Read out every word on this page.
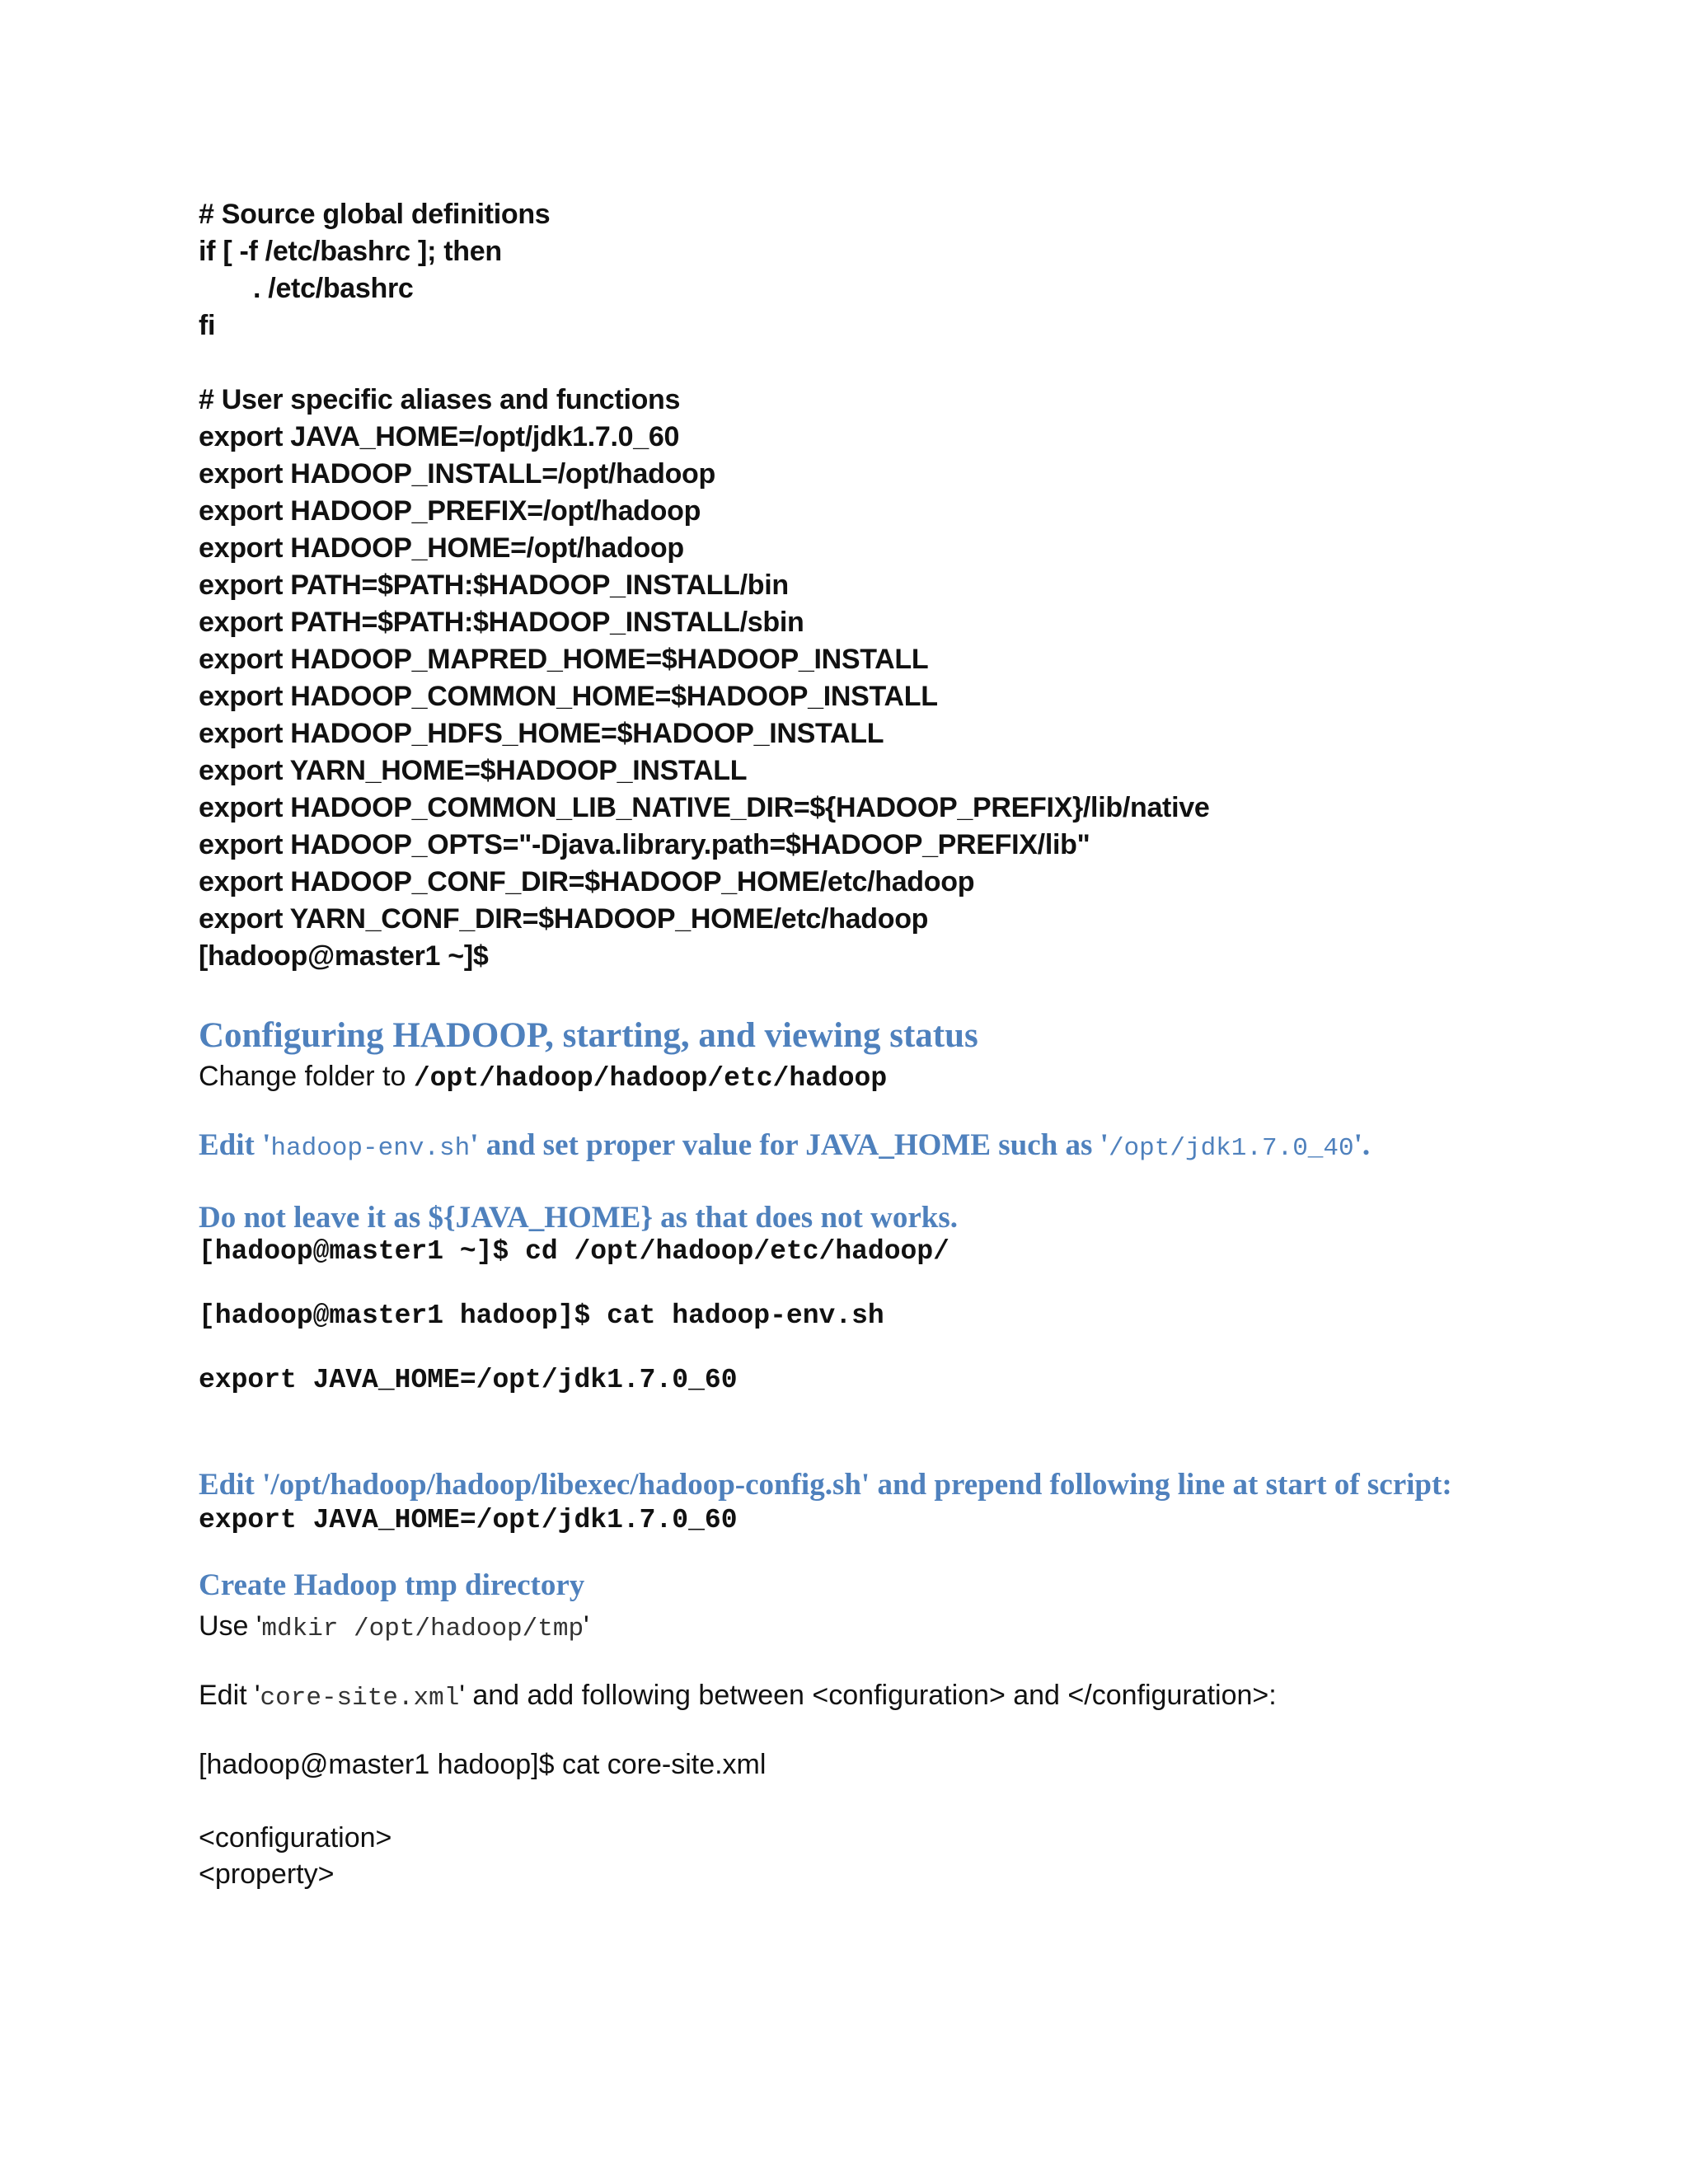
# Source global definitions
if [ -f /etc/bashrc ]; then
. /etc/bashrc
fi
# User specific aliases and functions
export JAVA_HOME=/opt/jdk1.7.0_60
export HADOOP_INSTALL=/opt/hadoop
export HADOOP_PREFIX=/opt/hadoop
export HADOOP_HOME=/opt/hadoop
export PATH=$PATH:$HADOOP_INSTALL/bin
export PATH=$PATH:$HADOOP_INSTALL/sbin
export HADOOP_MAPRED_HOME=$HADOOP_INSTALL
export HADOOP_COMMON_HOME=$HADOOP_INSTALL
export HADOOP_HDFS_HOME=$HADOOP_INSTALL
export YARN_HOME=$HADOOP_INSTALL
export HADOOP_COMMON_LIB_NATIVE_DIR=${HADOOP_PREFIX}/lib/native
export HADOOP_OPTS="-Djava.library.path=$HADOOP_PREFIX/lib"
export HADOOP_CONF_DIR=$HADOOP_HOME/etc/hadoop
export YARN_CONF_DIR=$HADOOP_HOME/etc/hadoop
[hadoop@master1 ~]$
Configuring HADOOP, starting, and viewing status
Change folder to /opt/hadoop/hadoop/etc/hadoop
Edit 'hadoop-env.sh' and set proper value for JAVA_HOME such as '/opt/jdk1.7.0_40'.
Do not leave it as ${JAVA_HOME} as that does not works.
[hadoop@master1 ~]$ cd /opt/hadoop/etc/hadoop/
[hadoop@master1 hadoop]$ cat hadoop-env.sh
export JAVA_HOME=/opt/jdk1.7.0_60
Edit '/opt/hadoop/hadoop/libexec/hadoop-config.sh' and prepend following line at start of script:
export JAVA_HOME=/opt/jdk1.7.0_60
Create Hadoop tmp directory
Use 'mdkir /opt/hadoop/tmp'
Edit 'core-site.xml' and add following between <configuration> and </configuration>:
[hadoop@master1 hadoop]$ cat core-site.xml
<configuration>
<property>
